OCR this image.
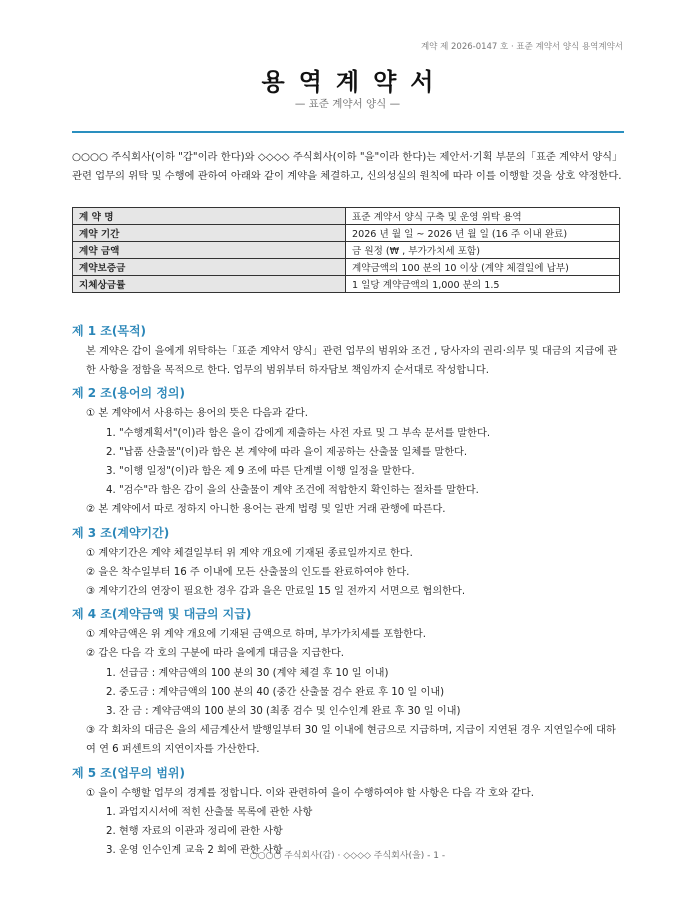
계약 제 2026-0147 호 · 표준 계약서 양식 용역계약서
용역계약서
— 표준 계약서 양식 —

○○○○ 주식회사(이하 "갑"이라 한다)와 ◇◇◇◇ 주식회사(이하 "을"이라 한다)는 제안서·기획 부문의「표준 계약서 양식」관련 업무의 위탁 및 수행에 관하여 아래와 같이 계약을 체결하고, 신의성실의 원칙에 따라 이를 이행할 것을 상호 약정한다.

계 약 명	표준 계약서 양식 구축 및 운영 위탁 용역
계약 기간	2026 년 월 일 ~ 2026 년 월 일 (16 주 이내 완료)
계약 금액	금 원정 (₩ , 부가가치세 포함)
계약보증금	계약금액의 100 분의 10 이상 (계약 체결일에 납부)
지체상금률	1 일당 계약금액의 1,000 분의 1.5
제 1 조(목적)

본 계약은 갑이 을에게 위탁하는「표준 계약서 양식」관련 업무의 범위와 조건 , 당사자의 권리·의무 및 대금의 지급에 관한 사항을 정함을 목적으로 한다. 업무의 범위부터 하자담보 책임까지 순서대로 작성합니다.

제 2 조(용어의 정의)

① 본 계약에서 사용하는 용어의 뜻은 다음과 같다.

1. "수행계획서"(이)라 함은 을이 갑에게 제출하는 사전 자료 및 그 부속 문서를 말한다.

2. "납품 산출물"(이)라 함은 본 계약에 따라 을이 제공하는 산출물 일체를 말한다.

3. "이행 일정"(이)라 함은 제 9 조에 따른 단계별 이행 일정을 말한다.

4. "검수"라 함은 갑이 을의 산출물이 계약 조건에 적합한지 확인하는 절차를 말한다.

② 본 계약에서 따로 정하지 아니한 용어는 관계 법령 및 일반 거래 관행에 따른다.

제 3 조(계약기간)

① 계약기간은 계약 체결일부터 위 계약 개요에 기재된 종료일까지로 한다.

② 을은 착수일부터 16 주 이내에 모든 산출물의 인도를 완료하여야 한다.

③ 계약기간의 연장이 필요한 경우 갑과 을은 만료일 15 일 전까지 서면으로 협의한다.

제 4 조(계약금액 및 대금의 지급)

① 계약금액은 위 계약 개요에 기재된 금액으로 하며, 부가가치세를 포함한다.

② 갑은 다음 각 호의 구분에 따라 을에게 대금을 지급한다.

1. 선급금 : 계약금액의 100 분의 30 (계약 체결 후 10 일 이내)

2. 중도금 : 계약금액의 100 분의 40 (중간 산출물 검수 완료 후 10 일 이내)

3. 잔 금 : 계약금액의 100 분의 30 (최종 검수 및 인수인계 완료 후 30 일 이내)

③ 각 회차의 대금은 을의 세금계산서 발행일부터 30 일 이내에 현금으로 지급하며, 지급이 지연된 경우 지연일수에 대하여 연 6 퍼센트의 지연이자를 가산한다.

제 5 조(업무의 범위)

① 을이 수행할 업무의 경계를 정합니다. 이와 관련하여 을이 수행하여야 할 사항은 다음 각 호와 같다.

1. 과업지시서에 적힌 산출물 목록에 관한 사항

2. 현행 자료의 이관과 정리에 관한 사항

3. 운영 인수인계 교육 2 회에 관한 사항

○○○○ 주식회사(갑) · ◇◇◇◇ 주식회사(을) - 1 -
